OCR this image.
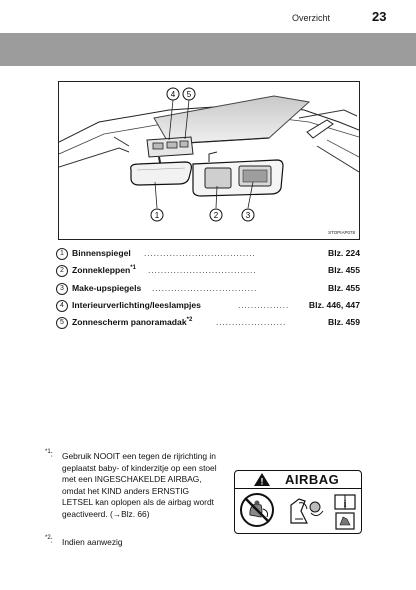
Overzicht	23
4 5
1	2	3
STOPIAP078
1 Binnenspiegel ...................................	Blz. 224
2 Zonnekleppen$^{*1}$ ..................................	Blz. 455
3 Make-upspiegels .................................	Blz. 455
4 Interieurverlichting/leeslampjes	................ Blz. 446, 447
5 Zonnescherm panoramadak$^{*2}$	......................	Blz. 459
$^{*1}$: Gebruik NOOIT een tegen de rijrichting in geplaatst baby- of kinderzitje op een stoel met een INGESCHAKELDE AIRBAG, omdat het KIND anders ERNSTIG LETSEL kan oplopen als de airbag wordt geactiveerd. (→Blz. 66)

$^{*2}$: Indien aanwezig
! AIRBAG
i
